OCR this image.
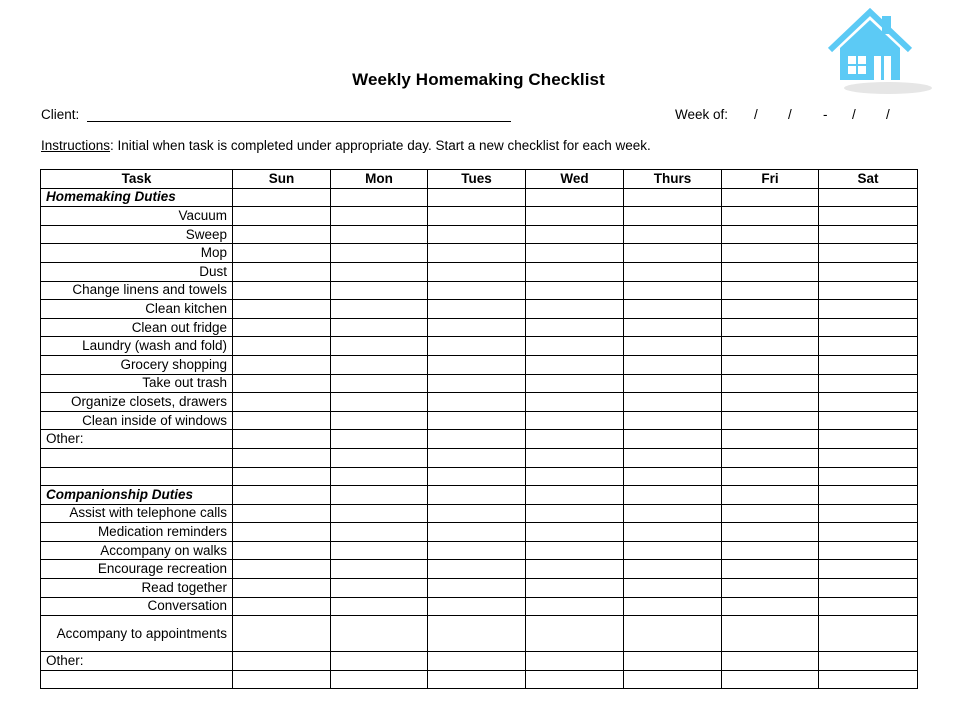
Weekly Homemaking Checklist
Client:	Week of: / / - / /
Instructions: Initial when task is completed under appropriate day. Start a new checklist for each week.
Task	Sun	Mon	Tues	Wed	Thurs	Fri	Sat
Homemaking Duties							
Vacuum							
Sweep							
Mop							
Dust							
Change linens and towels							
Clean kitchen							
Clean out fridge							
Laundry (wash and fold)							
Grocery shopping							
Take out trash							
Organize closets, drawers							
Clean inside of windows							
Other:							

Companionship Duties							
Assist with telephone calls							
Medication reminders							
Accompany on walks							
Encourage recreation							
Read together							
Conversation							
Accompany to appointments							
Other:							
